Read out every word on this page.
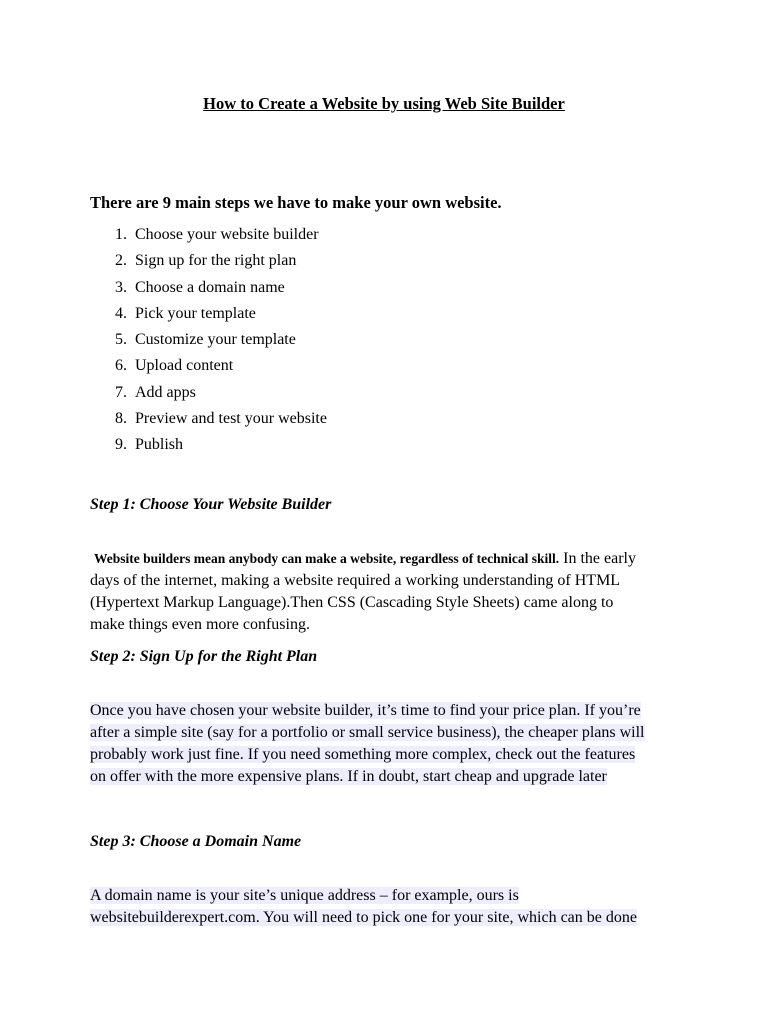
How to Create a Website by using Web Site Builder
There are 9 main steps we have to make your own website.
1. Choose your website builder
2. Sign up for the right plan
3. Choose a domain name
4. Pick your template
5. Customize your template
6. Upload content
7. Add apps
8. Preview and test your website
9. Publish
Step 1: Choose Your Website Builder
Website builders mean anybody can make a website, regardless of technical skill. In the early
days of the internet, making a website required a working understanding of HTML
(Hypertext Markup Language).Then CSS (Cascading Style Sheets) came along to
make things even more confusing.
Step 2: Sign Up for the Right Plan
Once you have chosen your website builder, it’s time to find your price plan. If you’re
after a simple site (say for a portfolio or small service business), the cheaper plans will
probably work just fine. If you need something more complex, check out the features
on offer with the more expensive plans. If in doubt, start cheap and upgrade later
Step 3: Choose a Domain Name
A domain name is your site’s unique address – for example, ours is
websitebuilderexpert.com. You will need to pick one for your site, which can be done
